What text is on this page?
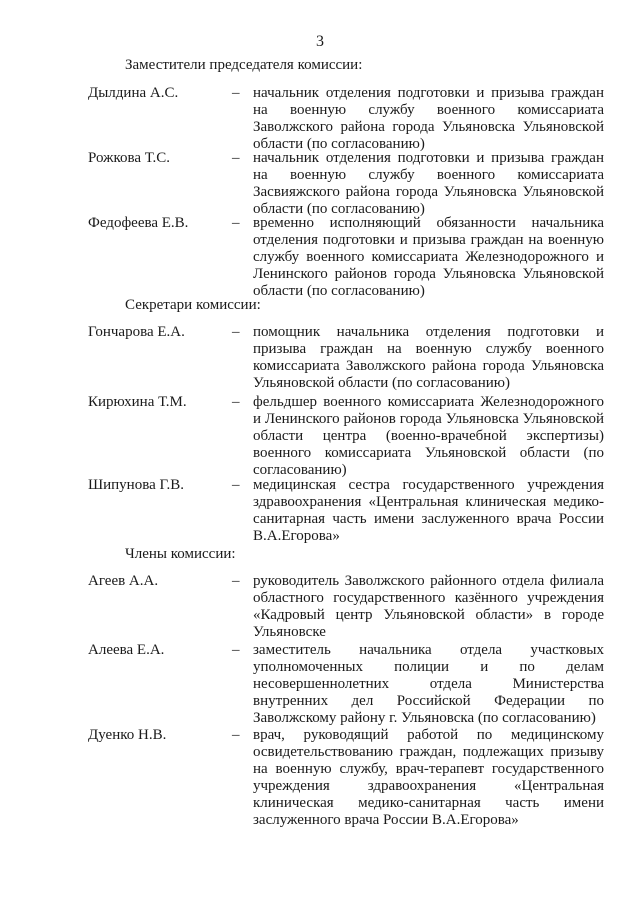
3
Заместители председателя комиссии:
Дылдина А.С.	– начальник отделения подготовки и призыва граждан на военную службу военного комиссариата Заволжского района города Ульяновска Ульяновской области (по согласованию)
Рожкова Т.С.	– начальник отделения подготовки и призыва граждан на военную службу военного комиссариата Засвияжского района города Ульяновска Ульяновской области (по согласованию)
Федофеева Е.В.	– временно исполняющий обязанности начальника отделения подготовки и призыва граждан на военную службу военного комиссариата Железнодорожного и Ленинского районов города Ульяновска Ульяновской области (по согласованию)
Секретари комиссии:
Гончарова Е.А.	– помощник начальника отделения подготовки и призыва граждан на военную службу военного комиссариата Заволжского района города Ульяновска Ульяновской области (по согласованию)
Кирюхина Т.М.	– фельдшер военного комиссариата Железнодорожного и Ленинского районов города Ульяновска Ульяновской области центра (военно-врачебной экспертизы) военного комиссариата Ульяновской области (по согласованию)
Шипунова Г.В.	– медицинская сестра государственного учреждения здравоохранения «Центральная клиническая медико-санитарная часть имени заслуженного врача России В.А.Егорова»
Члены комиссии:
Агеев А.А.	– руководитель Заволжского районного отдела филиала областного государственного казённого учреждения «Кадровый центр Ульяновской области» в городе Ульяновске
Алеева Е.А.	– заместитель начальника отдела участковых уполномоченных полиции и по делам несовершеннолетних отдела Министерства внутренних дел Российской Федерации по Заволжскому району г. Ульяновска (по согласованию)
Дуенко Н.В.	– врач, руководящий работой по медицинскому освидетельствованию граждан, подлежащих призыву на военную службу, врач-терапевт государственного учреждения здравоохранения «Центральная клиническая медико-санитарная часть имени заслуженного врача России В.А.Егорова»
